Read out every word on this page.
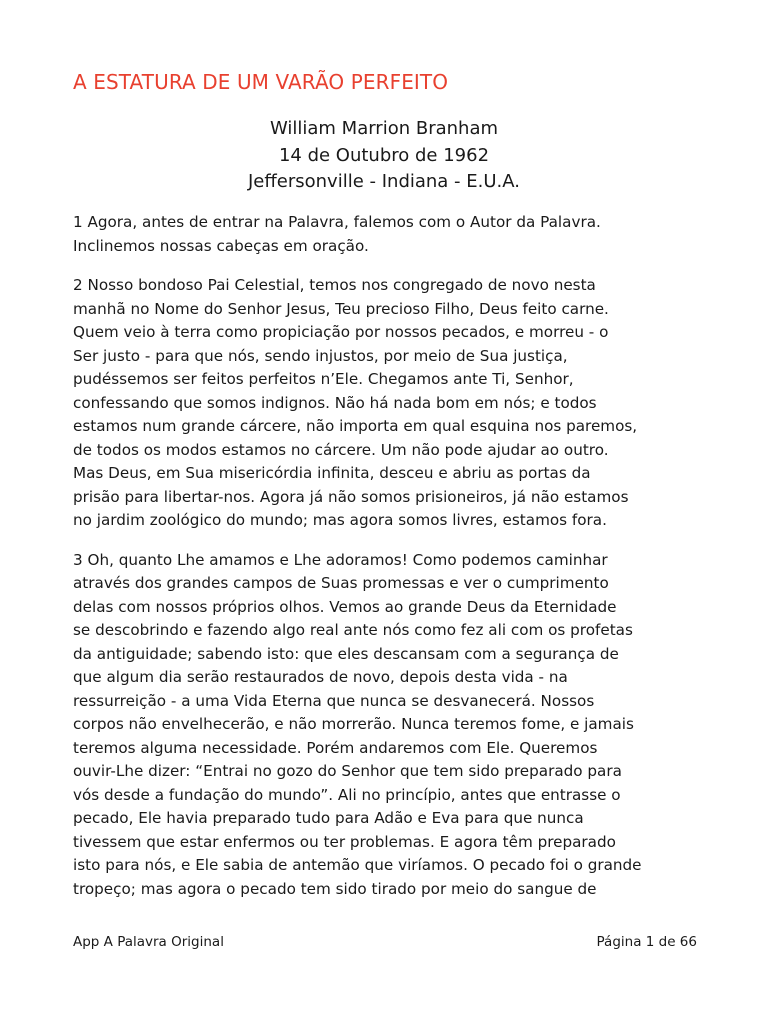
A ESTATURA DE UM VARÃO PERFEITO
William Marrion Branham
14 de Outubro de 1962
Jeffersonville - Indiana - E.U.A.

1 Agora, antes de entrar na Palavra, falemos com o Autor da Palavra.
Inclinemos nossas cabeças em oração.

2 Nosso bondoso Pai Celestial, temos nos congregado de novo nesta
manhã no Nome do Senhor Jesus, Teu precioso Filho, Deus feito carne.
Quem veio à terra como propiciação por nossos pecados, e morreu - o
Ser justo - para que nós, sendo injustos, por meio de Sua justiça,
pudéssemos ser feitos perfeitos n’Ele. Chegamos ante Ti, Senhor,
confessando que somos indignos. Não há nada bom em nós; e todos
estamos num grande cárcere, não importa em qual esquina nos paremos,
de todos os modos estamos no cárcere. Um não pode ajudar ao outro.
Mas Deus, em Sua misericórdia infinita, desceu e abriu as portas da
prisão para libertar-nos. Agora já não somos prisioneiros, já não estamos
no jardim zoológico do mundo; mas agora somos livres, estamos fora.

3 Oh, quanto Lhe amamos e Lhe adoramos! Como podemos caminhar
através dos grandes campos de Suas promessas e ver o cumprimento
delas com nossos próprios olhos. Vemos ao grande Deus da Eternidade
se descobrindo e fazendo algo real ante nós como fez ali com os profetas
da antiguidade; sabendo isto: que eles descansam com a segurança de
que algum dia serão restaurados de novo, depois desta vida - na
ressurreição - a uma Vida Eterna que nunca se desvanecerá. Nossos
corpos não envelhecerão, e não morrerão. Nunca teremos fome, e jamais
teremos alguma necessidade. Porém andaremos com Ele. Queremos
ouvir-Lhe dizer: “Entrai no gozo do Senhor que tem sido preparado para
vós desde a fundação do mundo”. Ali no princípio, antes que entrasse o
pecado, Ele havia preparado tudo para Adão e Eva para que nunca
tivessem que estar enfermos ou ter problemas. E agora têm preparado
isto para nós, e Ele sabia de antemão que viríamos. O pecado foi o grande
tropeço; mas agora o pecado tem sido tirado por meio do sangue de

App A Palavra Original	Página 1 de 66
